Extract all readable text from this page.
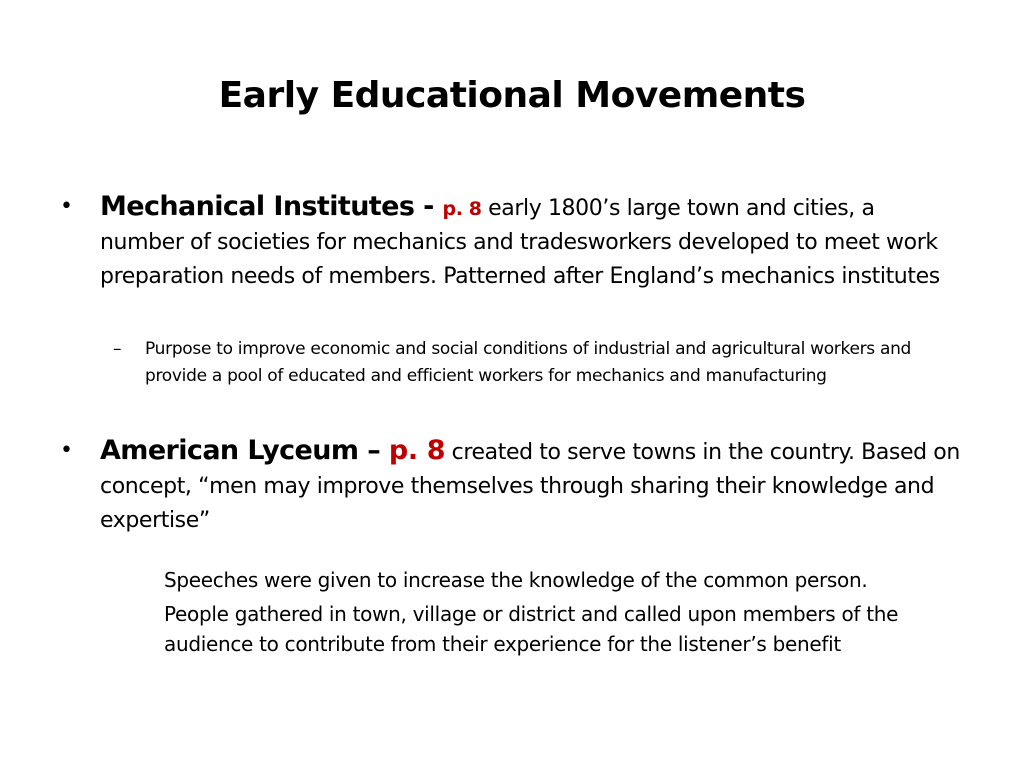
Early Educational Movements
• Mechanical Institutes - p. 8 early 1800’s large town and cities, a number of societies for mechanics and tradesworkers developed to meet work preparation needs of members. Patterned after England’s mechanics institutes
– Purpose to improve economic and social conditions of industrial and agricultural workers and provide a pool of educated and efficient workers for mechanics and manufacturing
• American Lyceum – p. 8 created to serve towns in the country. Based on concept, “men may improve themselves through sharing their knowledge and expertise”
Speeches were given to increase the knowledge of the common person.
People gathered in town, village or district and called upon members of the audience to contribute from their experience for the listener’s benefit
